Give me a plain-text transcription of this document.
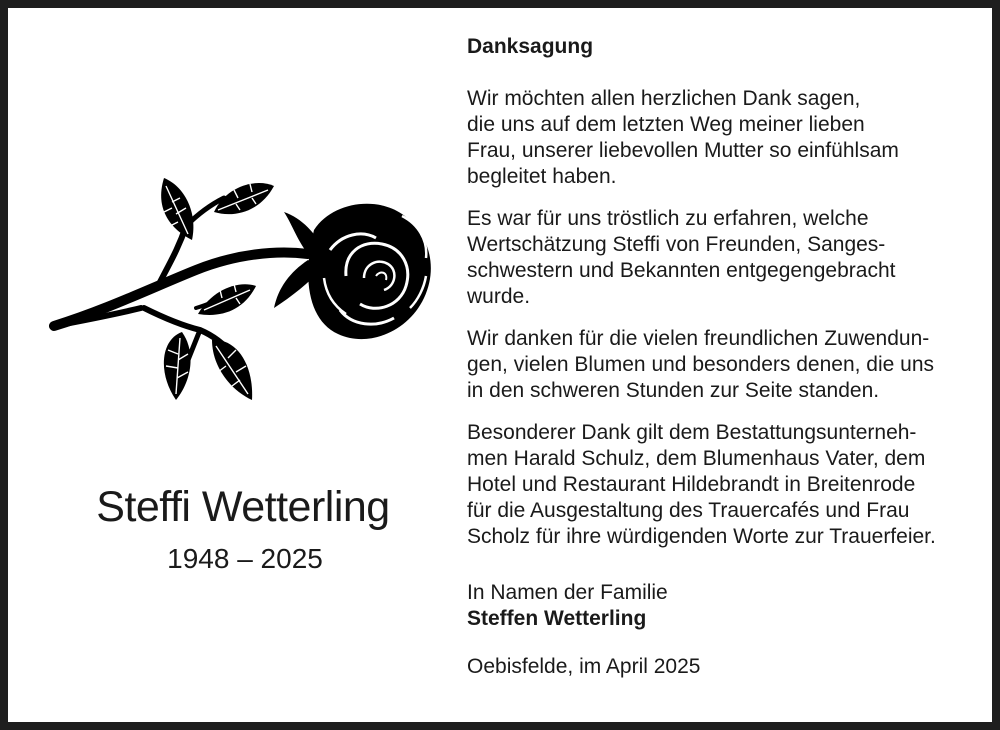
Steffi Wetterling
1948 – 2025
Danksagung
Wir möchten allen herzlichen Dank sagen,
die uns auf dem letzten Weg meiner lieben
Frau, unserer liebevollen Mutter so einfühlsam
begleitet haben.
Es war für uns tröstlich zu erfahren, welche
Wertschätzung Steffi von Freunden, Sanges-
schwestern und Bekannten entgegengebracht
wurde.
Wir danken für die vielen freundlichen Zuwendun-
gen, vielen Blumen und besonders denen, die uns
in den schweren Stunden zur Seite standen.
Besonderer Dank gilt dem Bestattungsunterneh-
men Harald Schulz, dem Blumenhaus Vater, dem
Hotel und Restaurant Hildebrandt in Breitenrode
für die Ausgestaltung des Trauercafés und Frau
Scholz für ihre würdigenden Worte zur Trauerfeier.
In Namen der Familie
Steffen Wetterling
Oebisfelde, im April 2025
